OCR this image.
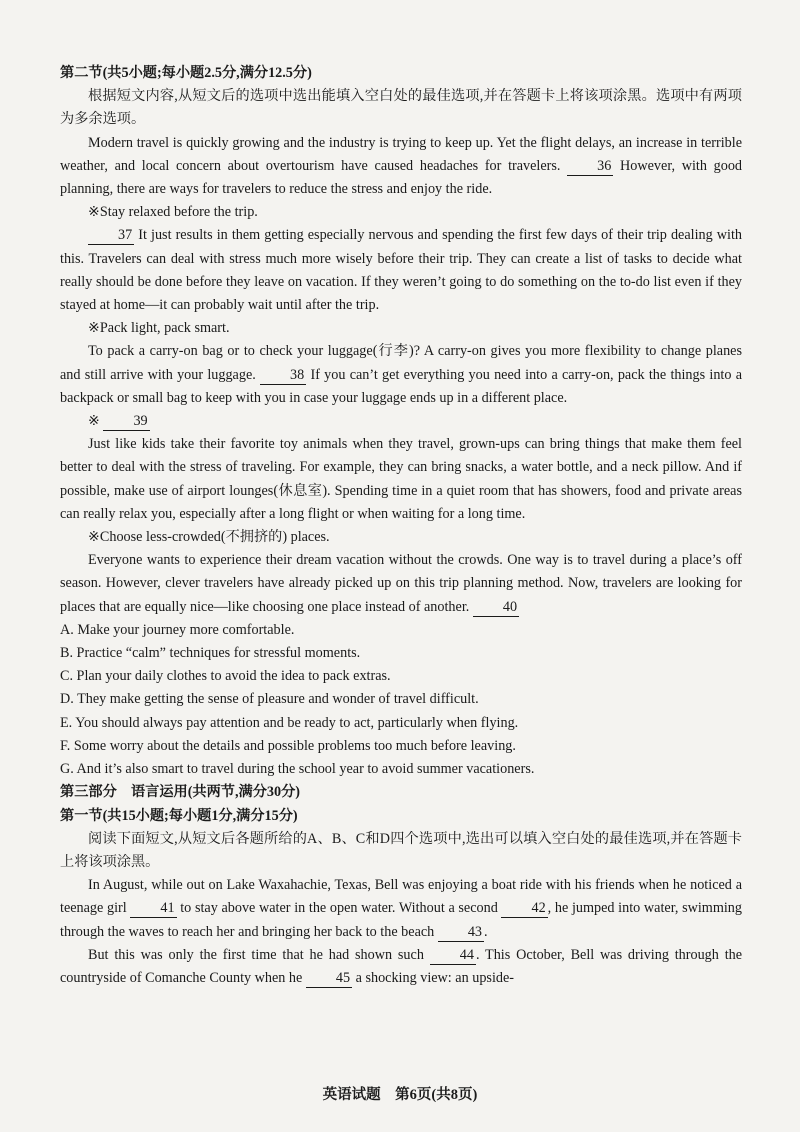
第二节(共5小题;每小题2.5分,满分12.5分)

根据短文内容,从短文后的选项中选出能填入空白处的最佳选项,并在答题卡上将该项涂黑。选项中有两项为多余选项。

Modern travel is quickly growing and the industry is trying to keep up. Yet the flight delays, an increase in terrible weather, and local concern about overtourism have caused headaches for travelers.	36 However, with good planning, there are ways for travelers to reduce the stress and enjoy the ride.

※Stay relaxed before the trip.

37 It just results in them getting especially nervous and spending the first few days of their trip dealing with this. Travelers can deal with stress much more wisely before their trip. They can create a list of tasks to decide what really should be done before they leave on vacation. If they weren’t going to do something on the to-do list even if they stayed at home—it can probably wait until after the trip.

※Pack light, pack smart.

To pack a carry-on bag or to check your luggage(行李)? A carry-on gives you more flexibility to change planes and still arrive with your luggage. 38 If you can’t get everything you need into a carry-on, pack the things into a backpack or small bag to keep with you in case your luggage ends up in a different place.

※ 39

Just like kids take their favorite toy animals when they travel, grown-ups can bring things that make them feel better to deal with the stress of traveling. For example, they can bring snacks, a water bottle, and a neck pillow. And if possible, make use of airport lounges(休息室). Spending time in a quiet room that has showers, food and private areas can really relax you, especially after a long flight or when waiting for a long time.

※Choose less-crowded(不拥挤的) places.

Everyone wants to experience their dream vacation without the crowds. One way is to travel during a place’s off season. However, clever travelers have already picked up on this trip planning method. Now, travelers are looking for places that are equally nice—like choosing one place instead of another. 40

A. Make your journey more comfortable.

B. Practice “calm” techniques for stressful moments.

C. Plan your daily clothes to avoid the idea to pack extras.

D. They make getting the sense of pleasure and wonder of travel difficult.

E. You should always pay attention and be ready to act, particularly when flying.

F. Some worry about the details and possible problems too much before leaving.

G. And it’s also smart to travel during the school year to avoid summer vacationers.

第三部分　语言运用(共两节,满分30分)

第一节(共15小题;每小题1分,满分15分)

阅读下面短文,从短文后各题所给的A、B、C和D四个选项中,选出可以填入空白处的最佳选项,并在答题卡上将该项涂黑。

In August, while out on Lake Waxahachie, Texas, Bell was enjoying a boat ride with his friends when he noticed a teenage girl 41 to stay above water in the open water. Without a second 42 , he jumped into water, swimming through the waves to reach her and bringing her back to the beach 43 .

But this was only the first time that he had shown such	44 . This October, Bell was driving through the countryside of Comanche County when he 45 a shocking view: an upside-

英语试题　第6页(共8页)
